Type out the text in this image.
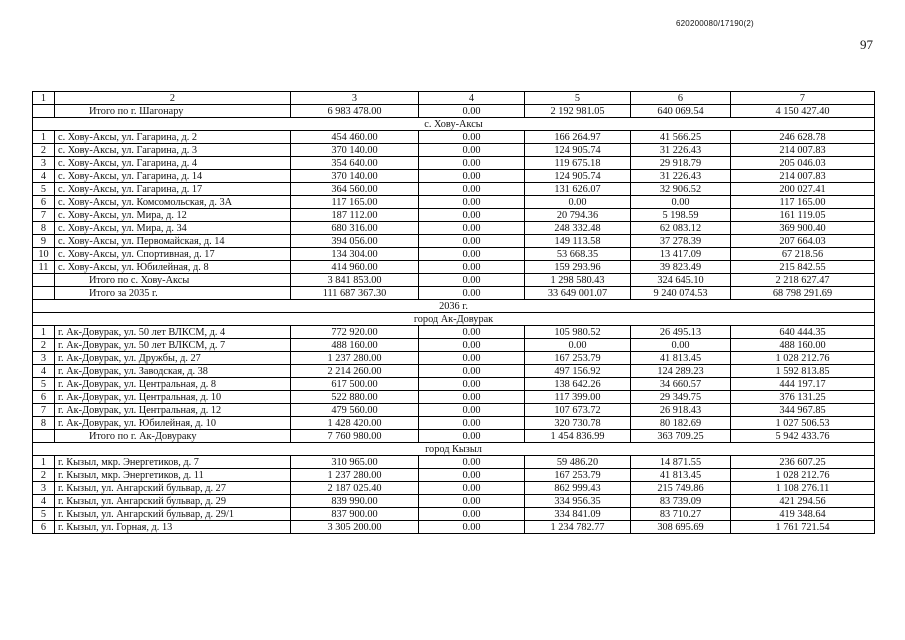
620200080/17190(2)
97
1	2	3	4	5	6	7
	Итого по г. Шагонару	6 983 478.00	0.00	2 192 981.05	640 069.54	4 150 427.40
с. Хову-Аксы						
1	с. Хову-Аксы, ул. Гагарина, д. 2	454 460.00	0.00	166 264.97	41 566.25	246 628.78
2	с. Хову-Аксы, ул. Гагарина, д. 3	370 140.00	0.00	124 905.74	31 226.43	214 007.83
3	с. Хову-Аксы, ул. Гагарина, д. 4	354 640.00	0.00	119 675.18	29 918.79	205 046.03
4	с. Хову-Аксы, ул. Гагарина, д. 14	370 140.00	0.00	124 905.74	31 226.43	214 007.83
5	с. Хову-Аксы, ул. Гагарина, д. 17	364 560.00	0.00	131 626.07	32 906.52	200 027.41
6	с. Хову-Аксы, ул. Комсомольская, д. 3А	117 165.00	0.00	0.00	0.00	117 165.00
7	с. Хову-Аксы, ул. Мира, д. 12	187 112.00	0.00	20 794.36	5 198.59	161 119.05
8	с. Хову-Аксы, ул. Мира, д. 34	680 316.00	0.00	248 332.48	62 083.12	369 900.40
9	с. Хову-Аксы, ул. Первомайская, д. 14	394 056.00	0.00	149 113.58	37 278.39	207 664.03
10	с. Хову-Аксы, ул. Спортивная, д. 17	134 304.00	0.00	53 668.35	13 417.09	67 218.56
11	с. Хову-Аксы, ул. Юбилейная, д. 8	414 960.00	0.00	159 293.96	39 823.49	215 842.55
	Итого по с. Хову-Аксы	3 841 853.00	0.00	1 298 580.43	324 645.10	2 218 627.47
	Итого за 2035 г.	111 687 367.30	0.00	33 649 001.07	9 240 074.53	68 798 291.69
2036 г.						
город Ак-Довурак						
1	г. Ак-Довурак, ул. 50 лет ВЛКСМ, д. 4	772 920.00	0.00	105 980.52	26 495.13	640 444.35
2	г. Ак-Довурак, ул. 50 лет ВЛКСМ, д. 7	488 160.00	0.00	0.00	0.00	488 160.00
3	г. Ак-Довурак, ул. Дружбы, д. 27	1 237 280.00	0.00	167 253.79	41 813.45	1 028 212.76
4	г. Ак-Довурак, ул. Заводская, д. 38	2 214 260.00	0.00	497 156.92	124 289.23	1 592 813.85
5	г. Ак-Довурак, ул. Центральная, д. 8	617 500.00	0.00	138 642.26	34 660.57	444 197.17
6	г. Ак-Довурак, ул. Центральная, д. 10	522 880.00	0.00	117 399.00	29 349.75	376 131.25
7	г. Ак-Довурак, ул. Центральная, д. 12	479 560.00	0.00	107 673.72	26 918.43	344 967.85
8	г. Ак-Довурак, ул. Юбилейная, д. 10	1 428 420.00	0.00	320 730.78	80 182.69	1 027 506.53
	Итого по г. Ак-Довураку	7 760 980.00	0.00	1 454 836.99	363 709.25	5 942 433.76
город Кызыл						
1	г. Кызыл, мкр. Энергетиков, д. 7	310 965.00	0.00	59 486.20	14 871.55	236 607.25
2	г. Кызыл, мкр. Энергетиков, д. 11	1 237 280.00	0.00	167 253.79	41 813.45	1 028 212.76
3	г. Кызыл, ул. Ангарский бульвар, д. 27	2 187 025.40	0.00	862 999.43	215 749.86	1 108 276.11
4	г. Кызыл, ул. Ангарский бульвар, д. 29	839 990.00	0.00	334 956.35	83 739.09	421 294.56
5	г. Кызыл, ул. Ангарский бульвар, д. 29/1	837 900.00	0.00	334 841.09	83 710.27	419 348.64
6	г. Кызыл, ул. Горная, д. 13	3 305 200.00	0.00	1 234 782.77	308 695.69	1 761 721.54
